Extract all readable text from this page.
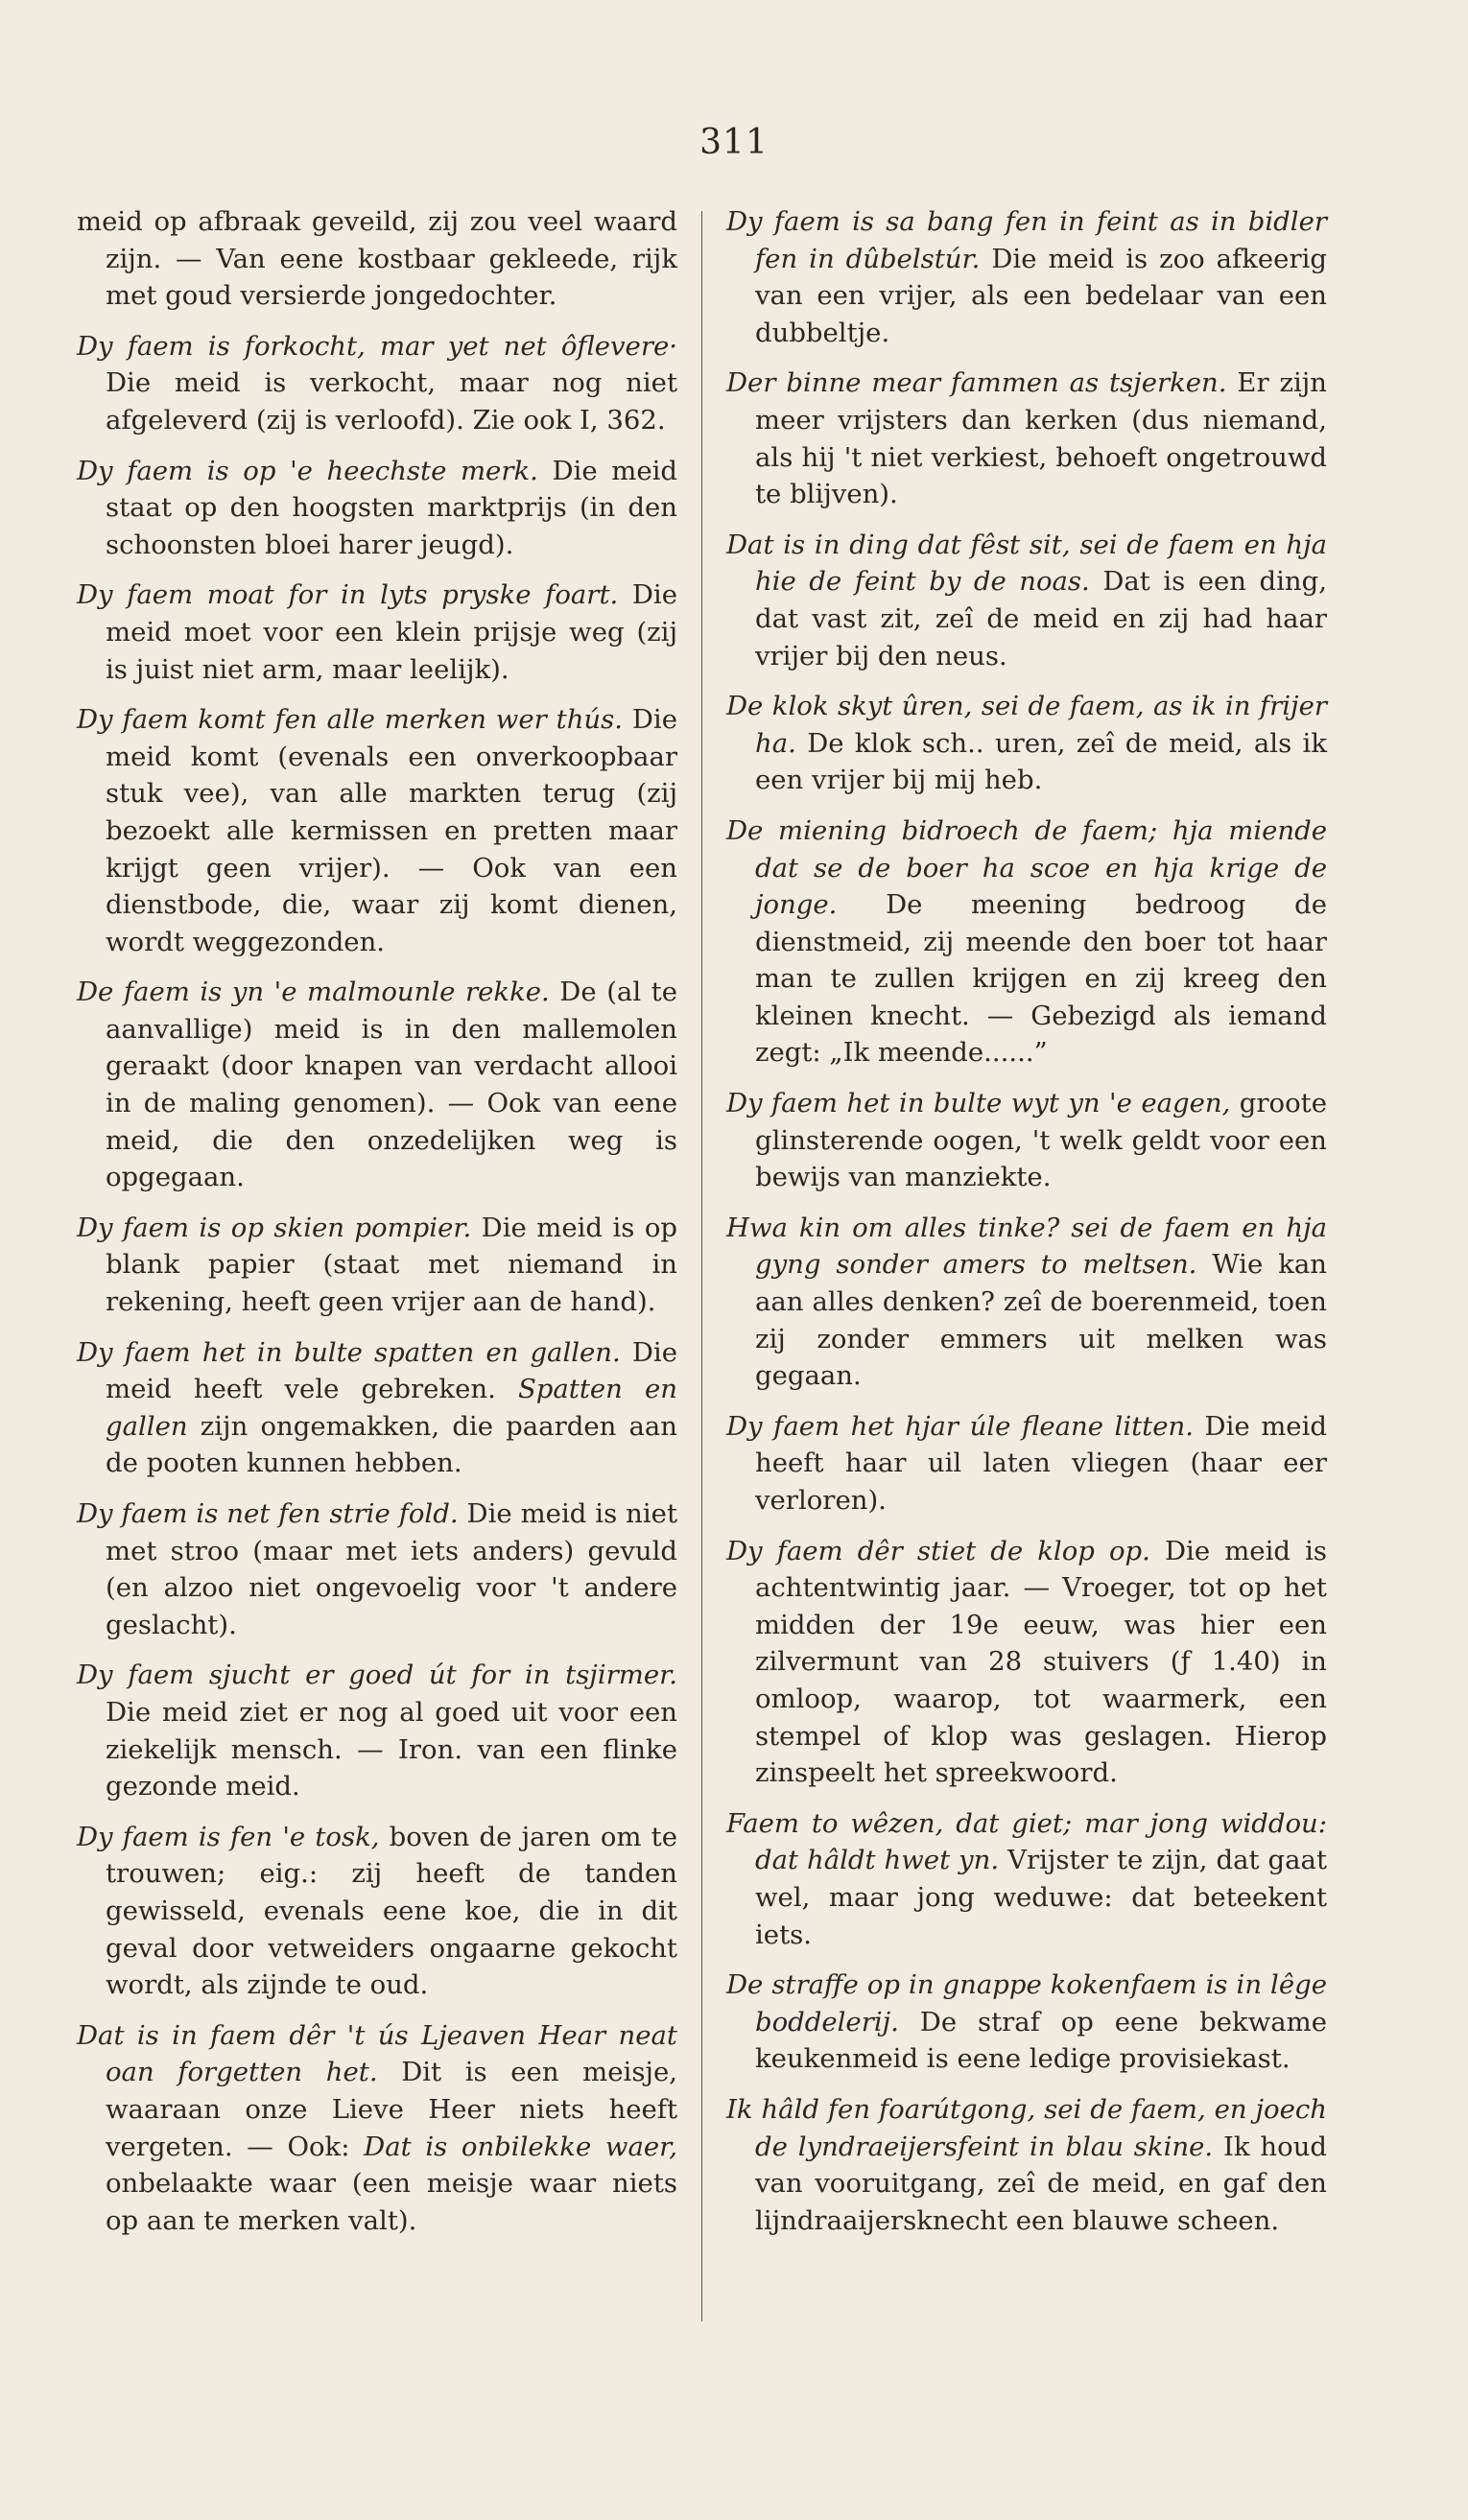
311

meid op afbraak geveild, zij zou veel waard zijn. — Van eene kostbaar gekleede, rijk met goud versierde jongedochter.

Dy faem is forkocht, mar yet net ôflevere· Die meid is verkocht, maar nog niet afgeleverd (zij is verloofd). Zie ook I, 362.

Dy faem is op 'e heechste merk. Die meid staat op den hoogsten marktprijs (in den schoonsten bloei harer jeugd).

Dy faem moat for in lyts pryske foart. Die meid moet voor een klein prijsje weg (zij is juist niet arm, maar leelijk).

Dy faem komt fen alle merken wer thús. Die meid komt (evenals een onverkoopbaar stuk vee), van alle markten terug (zij bezoekt alle kermissen en pretten maar krijgt geen vrijer). — Ook van een dienstbode, die, waar zij komt dienen, wordt weggezonden.

De faem is yn 'e malmounle rekke. De (al te aanvallige) meid is in den mallemolen geraakt (door knapen van verdacht allooi in de maling genomen). — Ook van eene meid, die den onzedelijken weg is opgegaan.

Dy faem is op skien pompier. Die meid is op blank papier (staat met niemand in rekening, heeft geen vrijer aan de hand).

Dy faem het in bulte spatten en gallen. Die meid heeft vele gebreken. Spatten en gallen zijn ongemakken, die paarden aan de pooten kunnen hebben.

Dy faem is net fen strie fold. Die meid is niet met stroo (maar met iets anders) gevuld (en alzoo niet ongevoelig voor 't andere geslacht).

Dy faem sjucht er goed út for in tsjirmer. Die meid ziet er nog al goed uit voor een ziekelijk mensch. — Iron. van een flinke gezonde meid.

Dy faem is fen 'e tosk, boven de jaren om te trouwen; eig.: zij heeft de tanden gewisseld, evenals eene koe, die in dit geval door vetweiders ongaarne gekocht wordt, als zijnde te oud.

Dat is in faem dêr 't ús Ljeaven Hear neat oan forgetten het. Dit is een meisje, waaraan onze Lieve Heer niets heeft vergeten. — Ook: Dat is onbilekke waer, onbelaakte waar (een meisje waar niets op aan te merken valt).

Dy faem is sa bang fen in feint as in bidler fen in dûbelstúr. Die meid is zoo afkeerig van een vrijer, als een bedelaar van een dubbeltje.

Der binne mear fammen as tsjerken. Er zijn meer vrijsters dan kerken (dus niemand, als hij 't niet verkiest, behoeft ongetrouwd te blijven).

Dat is in ding dat fêst sit, sei de faem en hja hie de feint by de noas. Dat is een ding, dat vast zit, zeî de meid en zij had haar vrijer bij den neus.

De klok skyt ûren, sei de faem, as ik in frijer ha. De klok sch.. uren, zeî de meid, als ik een vrijer bij mij heb.

De miening bidroech de faem; hja miende dat se de boer ha scoe en hja krige de jonge. De meening bedroog de dienstmeid, zij meende den boer tot haar man te zullen krijgen en zij kreeg den kleinen knecht. — Gebezigd als iemand zegt: „Ik meende......”

Dy faem het in bulte wyt yn 'e eagen, groote glinsterende oogen, 't welk geldt voor een bewijs van manziekte.

Hwa kin om alles tinke? sei de faem en hja gyng sonder amers to meltsen. Wie kan aan alles denken? zeî de boerenmeid, toen zij zonder emmers uit melken was gegaan.

Dy faem het hjar úle fleane litten. Die meid heeft haar uil laten vliegen (haar eer verloren).

Dy faem dêr stiet de klop op. Die meid is achtentwintig jaar. — Vroeger, tot op het midden der 19e eeuw, was hier een zilvermunt van 28 stuivers (ƒ 1.40) in omloop, waarop, tot waarmerk, een stempel of klop was geslagen. Hierop zinspeelt het spreekwoord.

Faem to wêzen, dat giet; mar jong widdou: dat hâldt hwet yn. Vrijster te zijn, dat gaat wel, maar jong weduwe: dat beteekent iets.

De straffe op in gnappe kokenfaem is in lêge boddelerij. De straf op eene bekwame keukenmeid is eene ledige provisiekast.

Ik hâld fen foarútgong, sei de faem, en joech de lyndraeijersfeint in blau skine. Ik houd van vooruitgang, zeî de meid, en gaf den lijndraaijersknecht een blauwe scheen.
